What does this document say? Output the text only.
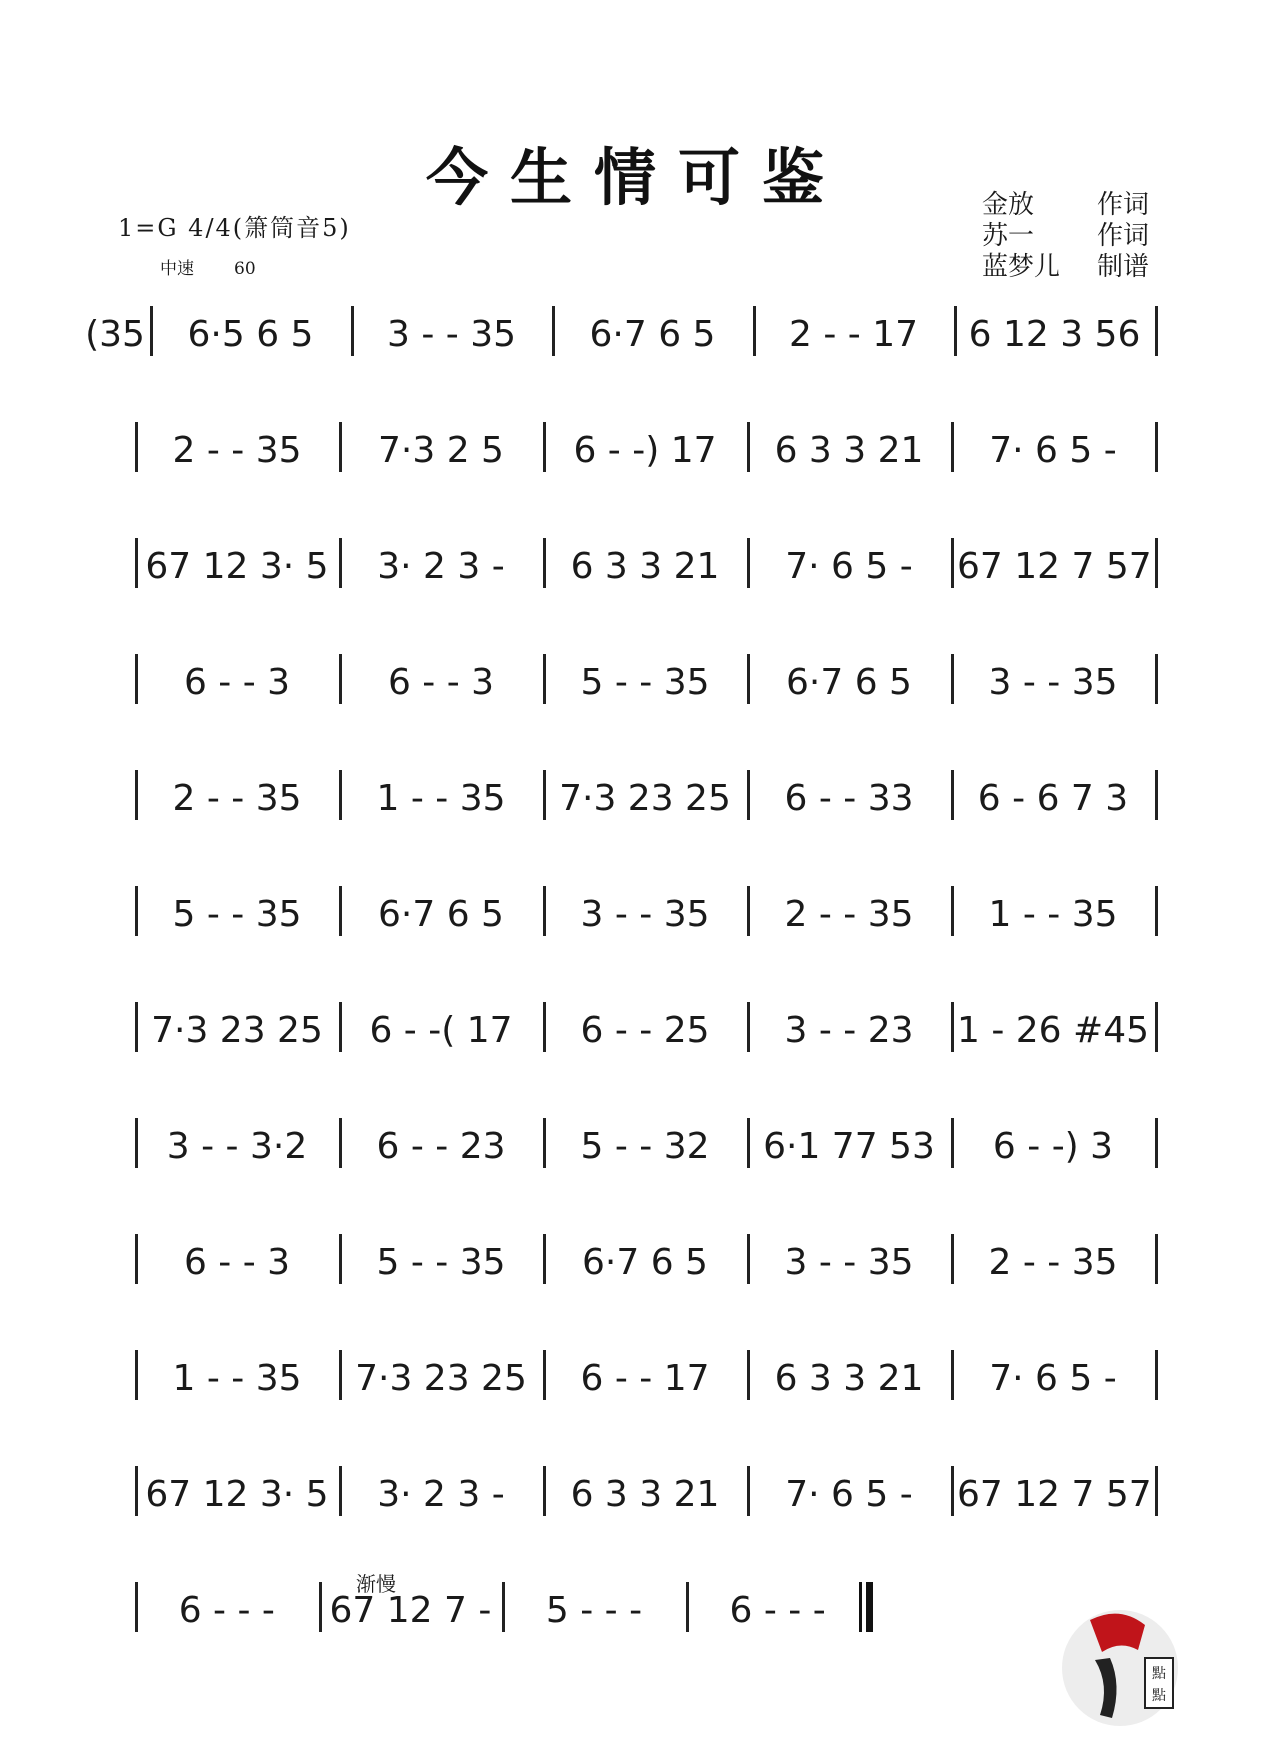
今生情可鉴
1=G 4/4(箫筒音5)
中速 60
金放	作词
苏一	作词
蓝梦儿	制谱
渐慢
(35	6·5 6 5	3 - - 35	6·7 6 5	2 - - 17	6 12 3 56
2 - - 35	7·3 2 5	6 - -) 17	6 3 3 21	7· 6 5 -
67 12 3· 5	3· 2 3 -	6 3 3 21	7· 6 5 -	67 12 7 57
6 - - 3	6 - - 3	5 - - 35	6·7 6 5	3 - - 35
2 - - 35	1 - - 35	7·3 23 25	6 - - 33	6 - 6 7 3
5 - - 35	6·7 6 5	3 - - 35	2 - - 35	1 - - 35
7·3 23 25	6 - -( 17	6 - - 25	3 - - 23	1 - 26 #45
3 - - 3·2	6 - - 23	5 - - 32	6·1 77 53	6 - -) 3
6 - - 3	5 - - 35	6·7 6 5	3 - - 35	2 - - 35
1 - - 35	7·3 23 25	6 - - 17	6 3 3 21	7· 6 5 -
67 12 3· 5	3· 2 3 -	6 3 3 21	7· 6 5 -	67 12 7 57
6 - - -	67 12 7 -	5 - - -	6 - - -
點
點
